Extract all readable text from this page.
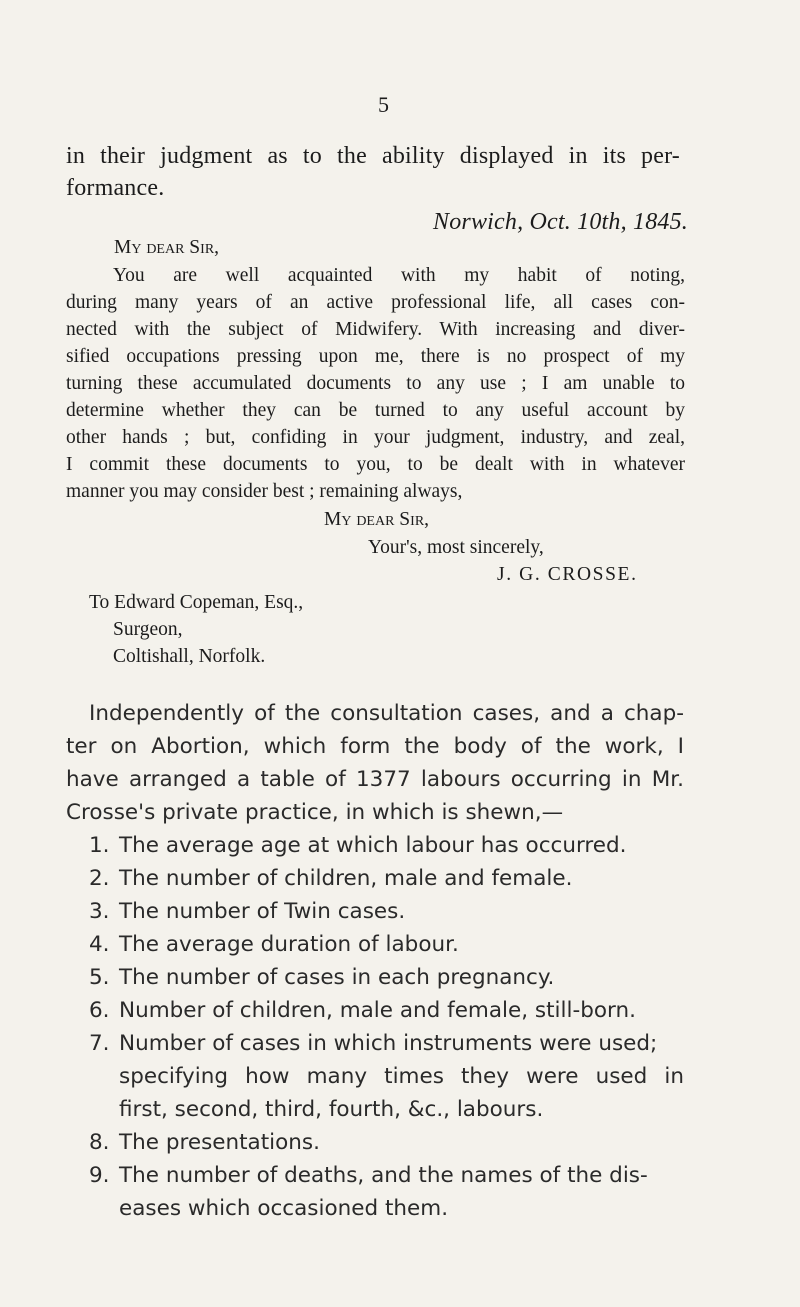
5
in their judgment as to the ability displayed in its per-
formance.
Norwich, Oct. 10th, 1845.
My dear Sir,
You are well acquainted with my habit of noting,
during many years of an active professional life, all cases con-
nected with the subject of Midwifery. With increasing and diver-
sified occupations pressing upon me, there is no prospect of my
turning these accumulated documents to any use ; I am unable to
determine whether they can be turned to any useful account by
other hands ; but, confiding in your judgment, industry, and zeal,
I commit these documents to you, to be dealt with in whatever
manner you may consider best ; remaining always,
My dear Sir,
Your's, most sincerely,
J. G. CROSSE.
To Edward Copeman, Esq.,
Surgeon,
Coltishall, Norfolk.
Independently of the consultation cases, and a chap-
ter on Abortion, which form the body of the work, I
have arranged a table of 1377 labours occurring in Mr.
Crosse's private practice, in which is shewn,—
1. The average age at which labour has occurred.
2. The number of children, male and female.
3. The number of Twin cases.
4. The average duration of labour.
5. The number of cases in each pregnancy.
6. Number of children, male and female, still-born.
7. Number of cases in which instruments were used;
specifying how many times they were used in
first, second, third, fourth, &c., labours.
8. The presentations.
9. The number of deaths, and the names of the dis-
eases which occasioned them.
